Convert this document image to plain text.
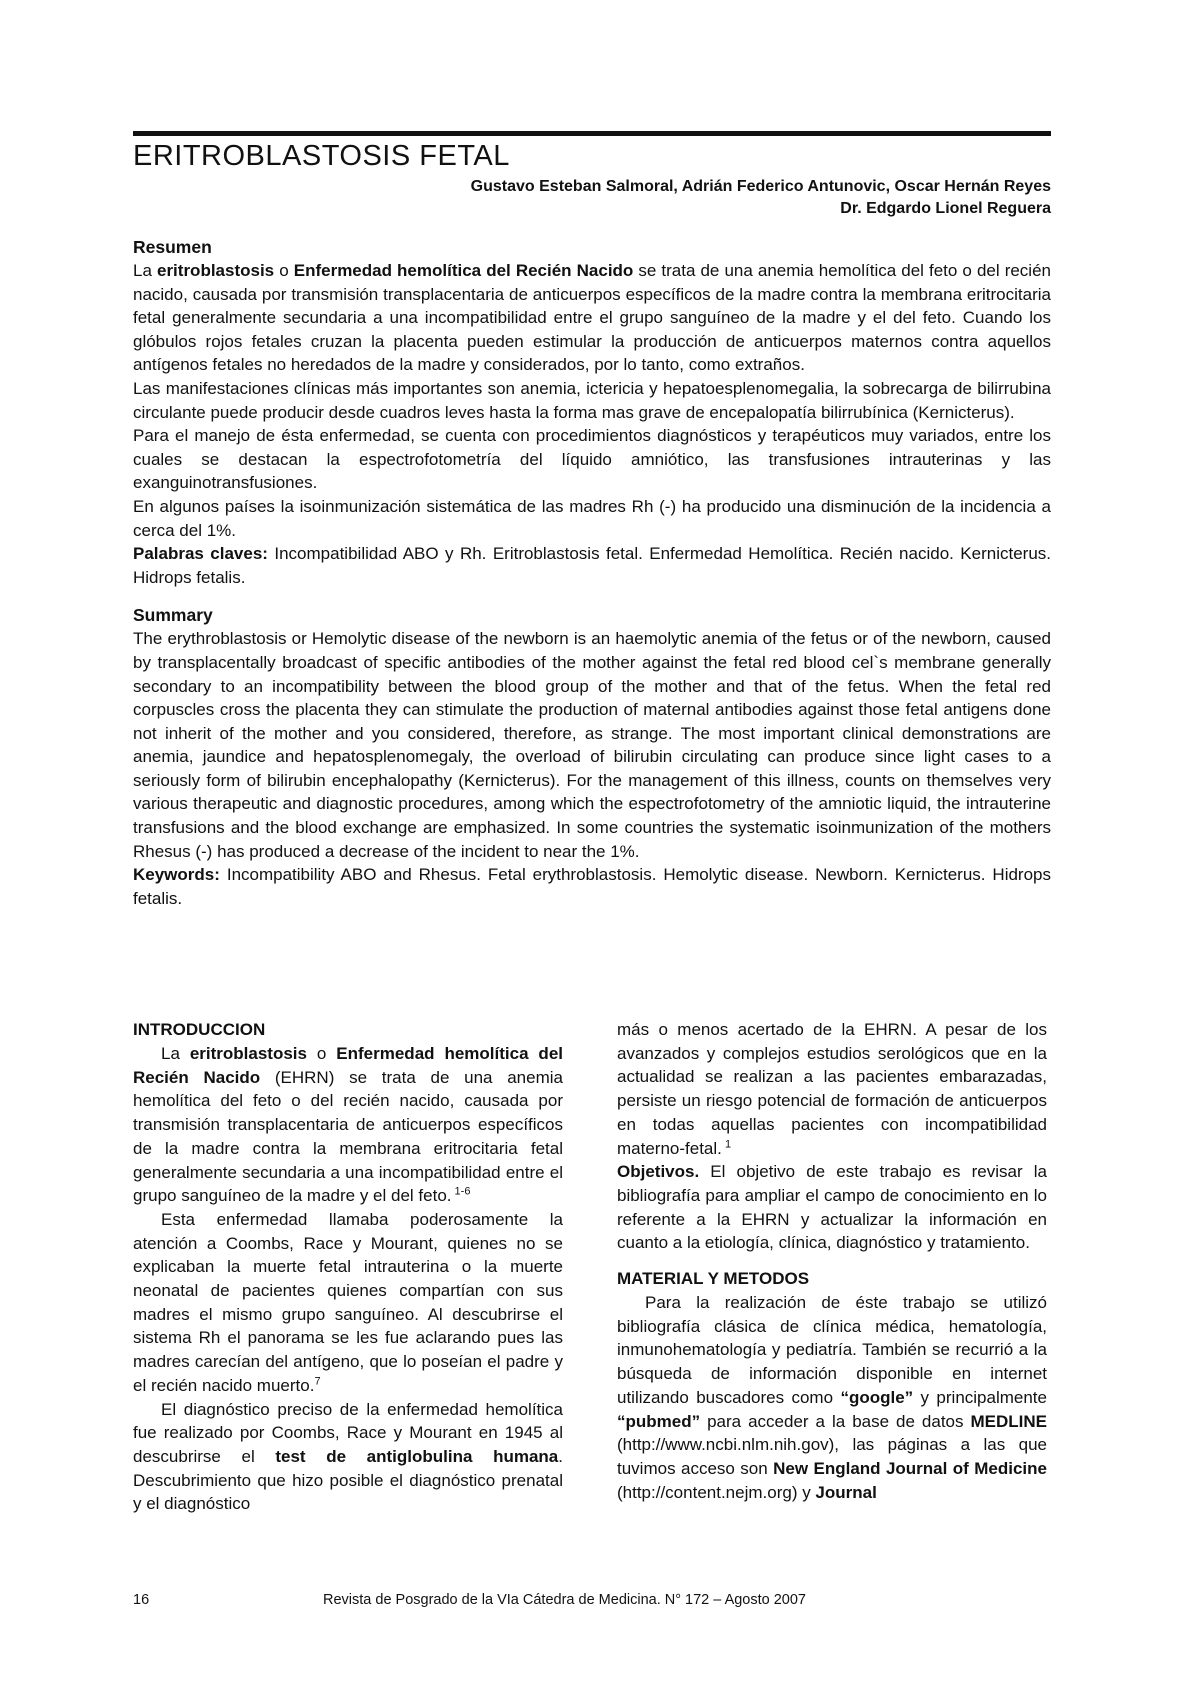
ERITROBLASTOSIS FETAL
Gustavo Esteban Salmoral, Adrián Federico Antunovic, Oscar Hernán Reyes
Dr. Edgardo Lionel Reguera
Resumen

La eritroblastosis o Enfermedad hemolítica del Recién Nacido se trata de una anemia hemolítica del feto o del recién nacido, causada por transmisión transplacentaria de anticuerpos específicos de la madre contra la membrana eritrocitaria fetal generalmente secundaria a una incompatibilidad entre el grupo sanguíneo de la madre y el del feto. Cuando los glóbulos rojos fetales cruzan la placenta pueden estimular la producción de anticuerpos maternos contra aquellos antígenos fetales no heredados de la madre y considerados, por lo tanto, como extraños.

Las manifestaciones clínicas más importantes son anemia, ictericia y hepatoesplenomegalia, la sobrecarga de bilirrubina circulante puede producir desde cuadros leves hasta la forma mas grave de encepalopatía bilirrubínica (Kernicterus).

Para el manejo de ésta enfermedad, se cuenta con procedimientos diagnósticos y terapéuticos muy variados, entre los cuales se destacan la espectrofotometría del líquido amniótico, las transfusiones intrauterinas y las exanguinotransfusiones.

En algunos países la isoinmunización sistemática de las madres Rh (-) ha producido una disminución de la incidencia a cerca del 1%.

Palabras claves: Incompatibilidad ABO y Rh. Eritroblastosis fetal. Enfermedad Hemolítica. Recién nacido. Kernicterus. Hidrops fetalis.

Summary

The erythroblastosis or Hemolytic disease of the newborn is an haemolytic anemia of the fetus or of the newborn, caused by transplacentally broadcast of specific antibodies of the mother against the fetal red blood cel`s membrane generally secondary to an incompatibility between the blood group of the mother and that of the fetus. When the fetal red corpuscles cross the placenta they can stimulate the production of maternal antibodies against those fetal antigens done not inherit of the mother and you considered, therefore, as strange. The most important clinical demonstrations are anemia, jaundice and hepatosplenomegaly, the overload of bilirubin circulating can produce since light cases to a seriously form of bilirubin encephalopathy (Kernicterus). For the management of this illness, counts on themselves very various therapeutic and diagnostic procedures, among which the espectrofotometry of the amniotic liquid, the intrauterine transfusions and the blood exchange are emphasized. In some countries the systematic isoinmunization of the mothers Rhesus (-) has produced a decrease of the incident to near the 1%.

Keywords: Incompatibility ABO and Rhesus. Fetal erythroblastosis. Hemolytic disease. Newborn. Kernicterus. Hidrops fetalis.

INTRODUCCION

La eritroblastosis o Enfermedad hemolítica del Recién Nacido (EHRN) se trata de una anemia hemolítica del feto o del recién nacido, causada por transmisión transplacentaria de anticuerpos específicos de la madre contra la membrana eritrocitaria fetal generalmente secundaria a una incompatibilidad entre el grupo sanguíneo de la madre y el del feto. $^{1-6}$

Esta enfermedad llamaba poderosamente la atención a Coombs, Race y Mourant, quienes no se explicaban la muerte fetal intrauterina o la muerte neonatal de pacientes quienes compartían con sus madres el mismo grupo sanguíneo. Al descubrirse el sistema Rh el panorama se les fue aclarando pues las madres carecían del antígeno, que lo poseían el padre y el recién nacido muerto.$^7$

El diagnóstico preciso de la enfermedad hemolítica fue realizado por Coombs, Race y Mourant en 1945 al descubrirse el test de antiglobulina humana. Descubrimiento que hizo posible el diagnóstico prenatal y el diagnóstico

más o menos acertado de la EHRN. A pesar de los avanzados y complejos estudios serológicos que en la actualidad se realizan a las pacientes embarazadas, persiste un riesgo potencial de formación de anticuerpos en todas aquellas pacientes con incompatibilidad materno-fetal. $^1$

Objetivos. El objetivo de este trabajo es revisar la bibliografía para ampliar el campo de conocimiento en lo referente a la EHRN y actualizar la información en cuanto a la etiología, clínica, diagnóstico y tratamiento.

MATERIAL Y METODOS

Para la realización de éste trabajo se utilizó bibliografía clásica de clínica médica, hematología, inmunohematología y pediatría. También se recurrió a la búsqueda de información disponible en internet utilizando buscadores como “google” y principalmente “pubmed” para acceder a la base de datos MEDLINE (http://www.ncbi.nlm.nih.gov), las páginas a las que tuvimos acceso son New England Journal of Medicine (http://content.nejm.org) y Journal

16	Revista de Posgrado de la VIa Cátedra de Medicina. N° 172 – Agosto 2007
